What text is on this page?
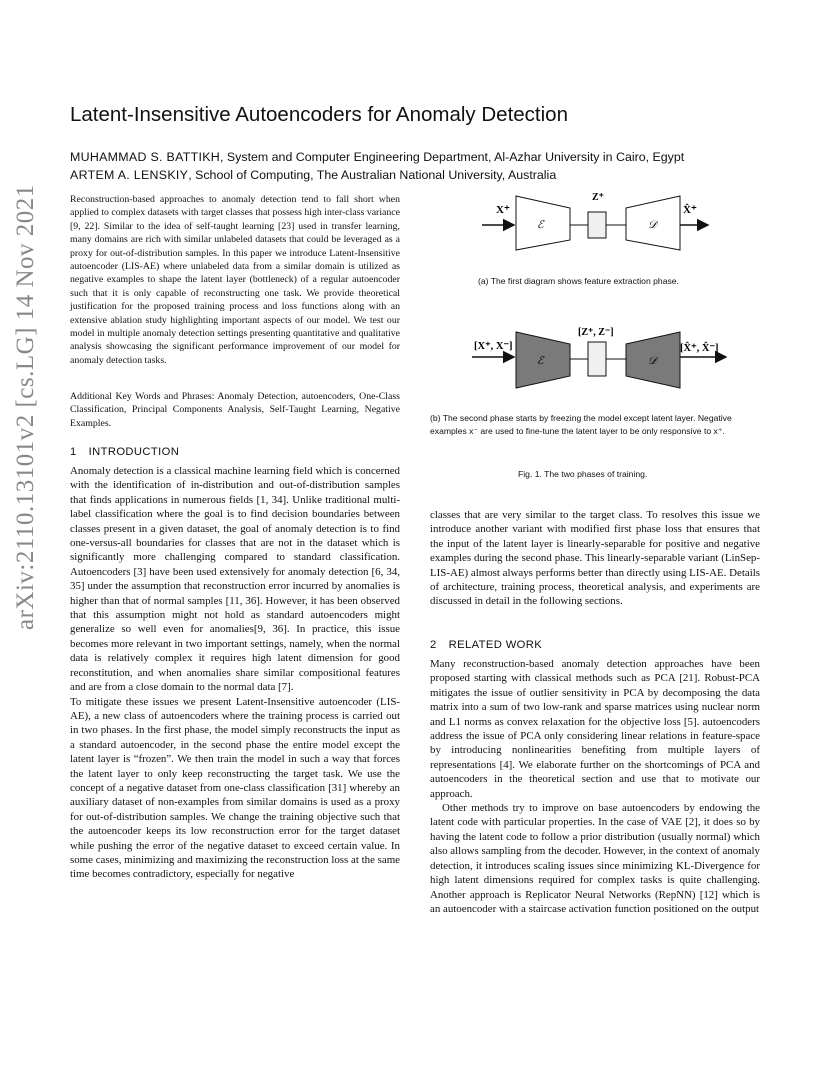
arXiv:2110.13101v2 [cs.LG] 14 Nov 2021
Latent-Insensitive Autoencoders for Anomaly Detection
MUHAMMAD S. BATTIKH, System and Computer Engineering Department, Al-Azhar University in Cairo, Egypt
ARTEM A. LENSKIY, School of Computing, The Australian National University, Australia
Reconstruction-based approaches to anomaly detection tend to fall short when applied to complex datasets with target classes that possess high inter-class variance [9, 22]. Similar to the idea of self-taught learning [23] used in transfer learning, many domains are rich with similar unlabeled datasets that could be leveraged as a proxy for out-of-distribution samples. In this paper we introduce Latent-Insensitive autoencoder (LIS-AE) where unlabeled data from a similar domain is utilized as negative examples to shape the latent layer (bottleneck) of a regular autoencoder such that it is only capable of reconstructing one task. We provide theoretical justification for the proposed training process and loss functions along with an extensive ablation study highlighting important aspects of our model. We test our model in multiple anomaly detection settings presenting quantitative and qualitative analysis showcasing the significant performance improvement of our model for anomaly detection tasks.
Additional Key Words and Phrases: Anomaly Detection, autoencoders, One-Class Classification, Principal Components Analysis, Self-Taught Learning, Negative Examples.
1 INTRODUCTION

Anomaly detection is a classical machine learning field which is concerned with the identification of in-distribution and out-of-distribution samples that finds applications in numerous fields [1, 34]. Unlike traditional multi-label classification where the goal is to find decision boundaries between classes present in a given dataset, the goal of anomaly detection is to find one-versus-all boundaries for classes that are not in the dataset which is significantly more challenging compared to standard classification. Autoencoders [3] have been used extensively for anomaly detection [6, 34, 35] under the assumption that reconstruction error incurred by anomalies is higher than that of normal samples [11, 36]. However, it has been observed that this assumption might not hold as standard autoencoders might generalize so well even for anomalies[9, 36]. In practice, this issue becomes more relevant in two important settings, namely, when the normal data is relatively complex it requires high latent dimension for good reconstitution, and when anomalies share similar compositional features and are from a close domain to the normal data [7].

To mitigate these issues we present Latent-Insensitive autoencoder (LIS-AE), a new class of autoencoders where the training process is carried out in two phases. In the first phase, the model simply reconstructs the input as a standard autoencoder, in the second phase the entire model except the latent layer is “frozen”. We then train the model in such a way that forces the latent layer to only keep reconstructing the target task. We use the concept of a negative dataset from one-class classification [31] whereby an auxiliary dataset of non-examples from similar domains is used as a proxy for out-of-distribution samples. We change the training objective such that the autoencoder keeps its low reconstruction error for the target dataset while pushing the error of the negative dataset to exceed certain value. In some cases, minimizing and maximizing the reconstruction loss at the same time becomes contradictory, especially for negative

X⁺
ℰ
Z⁺
𝒟
X̂⁺
(a) The first diagram shows feature extraction phase.
[X⁺, X⁻]
ℰ
[Z⁺, Z⁻]
𝒟
[X̂⁺, X̂⁻]
(b) The second phase starts by freezing the model except latent layer. Negative examples x⁻ are used to fine-tune the latent layer to be only responsive to x⁺.
Fig. 1. The two phases of training.

classes that are very similar to the target class. To resolves this issue we introduce another variant with modified first phase loss that ensures that the input of the latent layer is linearly-separable for positive and negative examples during the second phase. This linearly-separable variant (LinSep-LIS-AE) almost always performs better than directly using LIS-AE. Details of architecture, training process, theoretical analysis, and experiments are discussed in detail in the following sections.

2 RELATED WORK

Many reconstruction-based anomaly detection approaches have been proposed starting with classical methods such as PCA [21]. Robust-PCA mitigates the issue of outlier sensitivity in PCA by decomposing the data matrix into a sum of two low-rank and sparse matrices using nuclear norm and L1 norms as convex relaxation for the objective loss [5]. autoencoders address the issue of PCA only considering linear relations in feature-space by introducing nonlinearities benefiting from multiple layers of representations [4]. We elaborate further on the shortcomings of PCA and autoencoders in the theoretical section and use that to motivate our approach.

Other methods try to improve on base autoencoders by endowing the latent code with particular properties. In the case of VAE [2], it does so by having the latent code to follow a prior distribution (usually normal) which also allows sampling from the decoder. However, in the context of anomaly detection, it introduces scaling issues since minimizing KL-Divergence for high latent dimensions required for complex tasks is quite challenging. Another approach is Replicator Neural Networks (RepNN) [12] which is an autoencoder with a staircase activation function positioned on the output
